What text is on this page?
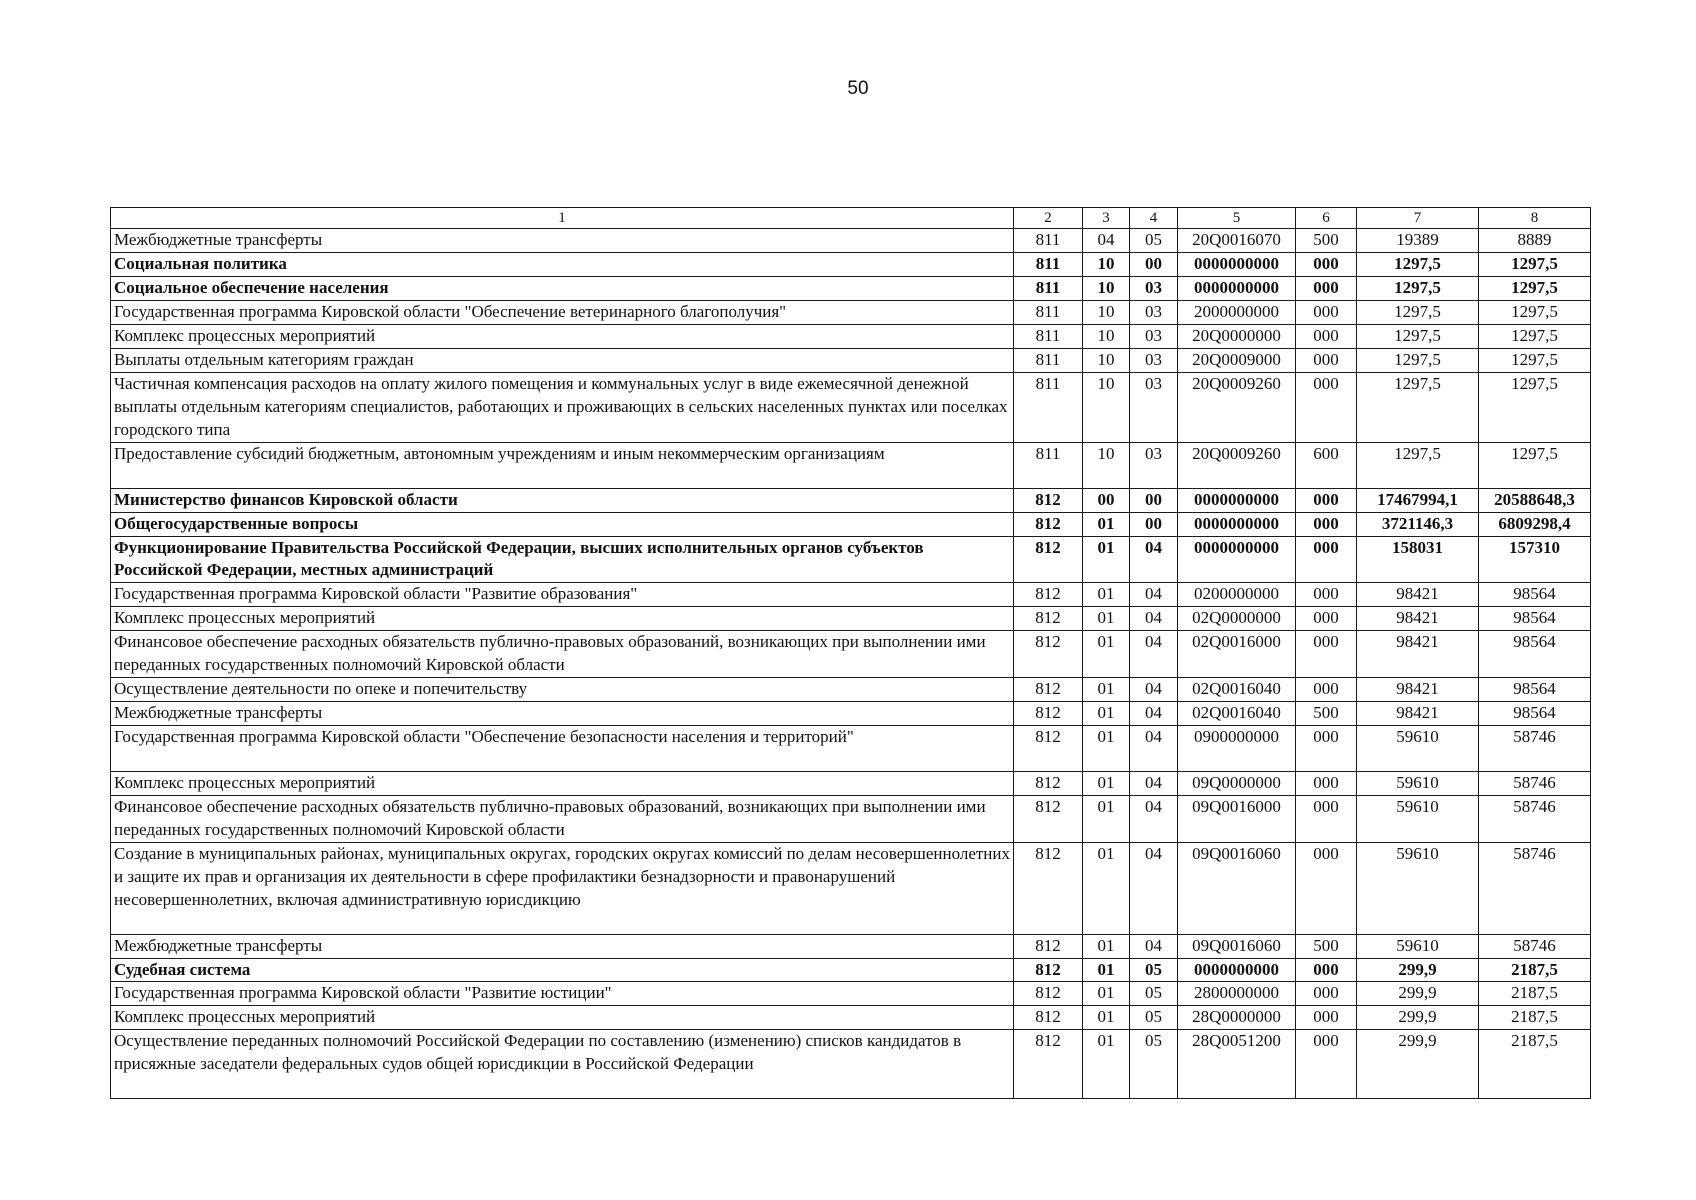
50
1	2	3	4	5	6	7	8
Межбюджетные трансферты	811	04	05	20Q0016070	500	19389	8889
Социальная политика	811	10	00	0000000000	000	1297,5	1297,5
Социальное обеспечение населения	811	10	03	0000000000	000	1297,5	1297,5
Государственная программа Кировской области "Обеспечение ветеринарного благополучия"	811	10	03	2000000000	000	1297,5	1297,5
Комплекс процессных мероприятий	811	10	03	20Q0000000	000	1297,5	1297,5
Выплаты отдельным категориям граждан	811	10	03	20Q0009000	000	1297,5	1297,5
Частичная компенсация расходов на оплату жилого помещения и коммунальных услуг в виде ежемесячной денежной выплаты отдельным категориям специалистов, работающих и проживающих в сельских населенных пунктах или поселках городского типа	811	10	03	20Q0009260	000	1297,5	1297,5
Предоставление субсидий бюджетным, автономным учреждениям и иным некоммерческим организациям	811	10	03	20Q0009260	600	1297,5	1297,5
Министерство финансов Кировской области	812	00	00	0000000000	000	17467994,1	20588648,3
Общегосударственные вопросы	812	01	00	0000000000	000	3721146,3	6809298,4
Функционирование Правительства Российской Федерации, высших исполнительных органов субъектов Российской Федерации, местных администраций	812	01	04	0000000000	000	158031	157310
Государственная программа Кировской области "Развитие образования"	812	01	04	0200000000	000	98421	98564
Комплекс процессных мероприятий	812	01	04	02Q0000000	000	98421	98564
Финансовое обеспечение расходных обязательств публично-правовых образований, возникающих при выполнении ими переданных государственных полномочий Кировской области	812	01	04	02Q0016000	000	98421	98564
Осуществление деятельности по опеке и попечительству	812	01	04	02Q0016040	000	98421	98564
Межбюджетные трансферты	812	01	04	02Q0016040	500	98421	98564
Государственная программа Кировской области "Обеспечение безопасности населения и территорий"	812	01	04	0900000000	000	59610	58746
Комплекс процессных мероприятий	812	01	04	09Q0000000	000	59610	58746
Финансовое обеспечение расходных обязательств публично-правовых образований, возникающих при выполнении ими переданных государственных полномочий Кировской области	812	01	04	09Q0016000	000	59610	58746
Создание в муниципальных районах, муниципальных округах, городских округах комиссий по делам несовершеннолетних и защите их прав и организация их деятельности в сфере профилактики безнадзорности и правонарушений несовершеннолетних, включая административную юрисдикцию	812	01	04	09Q0016060	000	59610	58746
Межбюджетные трансферты	812	01	04	09Q0016060	500	59610	58746
Судебная система	812	01	05	0000000000	000	299,9	2187,5
Государственная программа Кировской области "Развитие юстиции"	812	01	05	2800000000	000	299,9	2187,5
Комплекс процессных мероприятий	812	01	05	28Q0000000	000	299,9	2187,5
Осуществление переданных полномочий Российской Федерации по составлению (изменению) списков кандидатов в присяжные заседатели федеральных судов общей юрисдикции в Российской Федерации	812	01	05	28Q0051200	000	299,9	2187,5
